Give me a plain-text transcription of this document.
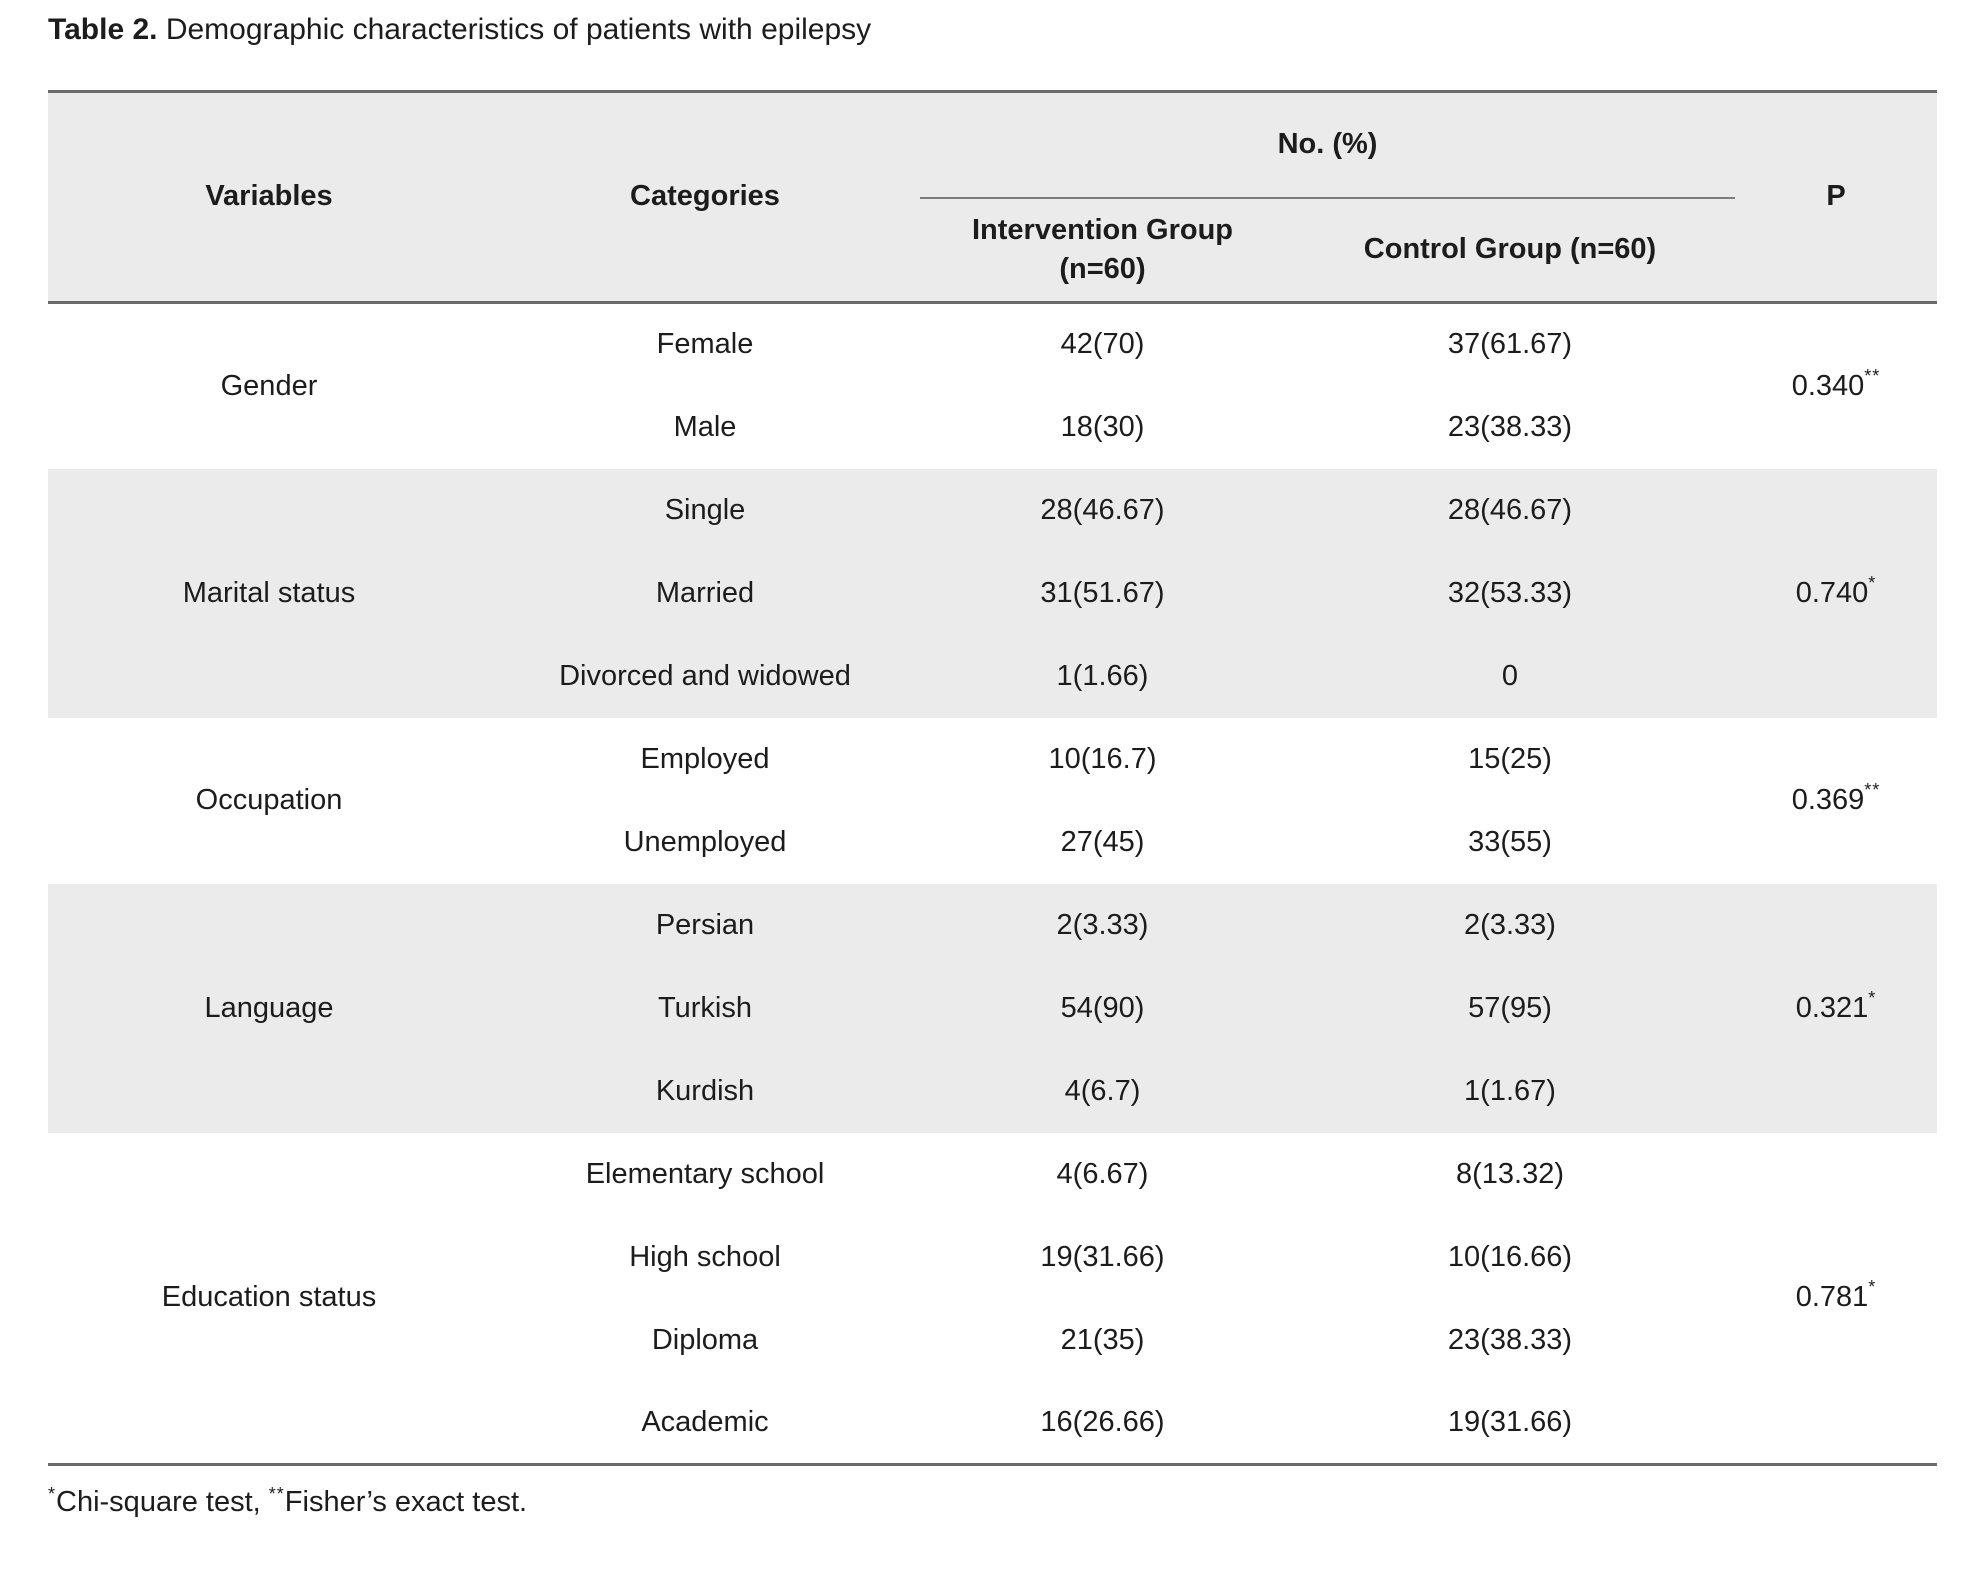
Table 2. Demographic characteristics of patients with epilepsy
Variables	Categories	No. (%)		P
		Intervention Group (n=60)	Control Group (n=60)	
Gender	Female	42(70)	37(61.67)	0.340**
	Male	18(30)	23(38.33)	
Marital status	Single	28(46.67)	28(46.67)	0.740*
	Married	31(51.67)	32(53.33)	
	Divorced and widowed	1(1.66)	0	
Occupation	Employed	10(16.7)	15(25)	0.369**
	Unemployed	27(45)	33(55)	
Language	Persian	2(3.33)	2(3.33)	0.321*
	Turkish	54(90)	57(95)	
	Kurdish	4(6.7)	1(1.67)	
Education status	Elementary school	4(6.67)	8(13.32)	0.781*
	High school	19(31.66)	10(16.66)	
	Diploma	21(35)	23(38.33)	
	Academic	16(26.66)	19(31.66)	
*Chi-square test, **Fisher’s exact test.
